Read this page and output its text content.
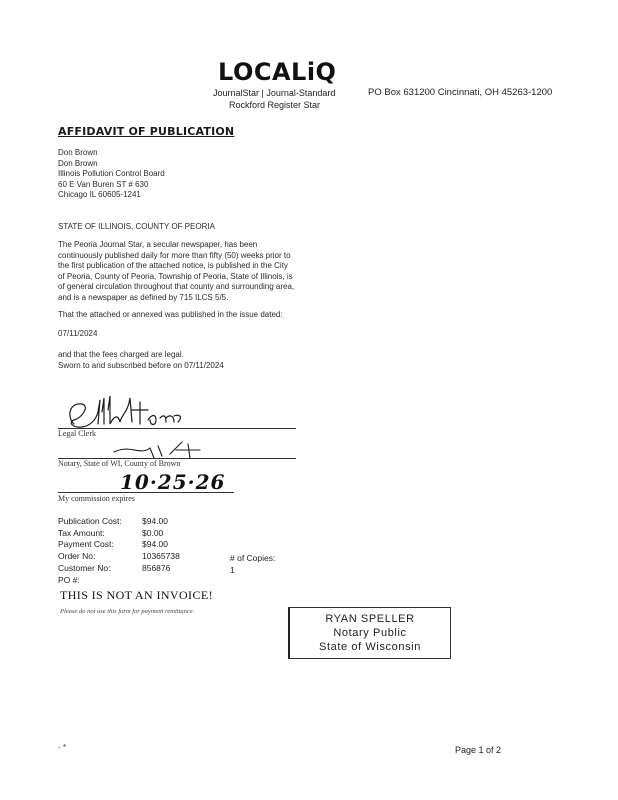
LOCALiQ
JournalStar | Journal-Standard
Rockford Register Star
PO Box 631200 Cincinnati, OH 45263-1200
AFFIDAVIT OF PUBLICATION
Don Brown
Don Brown
Illinois Pollution Control Board
60 E Van Buren ST # 630
Chicago IL 60605-1241
STATE OF ILLINOIS, COUNTY OF PEORIA
The Peoria Journal Star, a secular newspaper, has been
continuously published daily for more than fifty (50) weeks prior to
the first publication of the attached notice, is published in the City
of Peoria, County of Peoria, Township of Peoria, State of Illinois, is
of general circulation throughout that county and surrounding area,
and is a newspaper as defined by 715 ILCS 5/5.
That the attached or annexed was published in the issue dated:
07/11/2024
and that the fees charged are legal.
Sworn to and subscribed before on 07/11/2024
Legal Clerk
Notary, State of WI, County of Brown
10·25·26
My commission expires
Publication Cost: $94.00
Tax Amount:	$0.00
Payment Cost:	$94.00
Order No:	10365738
Customer No:	856876
PO #:
# of Copies:
1
THIS IS NOT AN INVOICE!
Please do not use this form for payment remittance.
RYAN SPELLER
Notary Public
State of Wisconsin
- *	Page 1 of 2
